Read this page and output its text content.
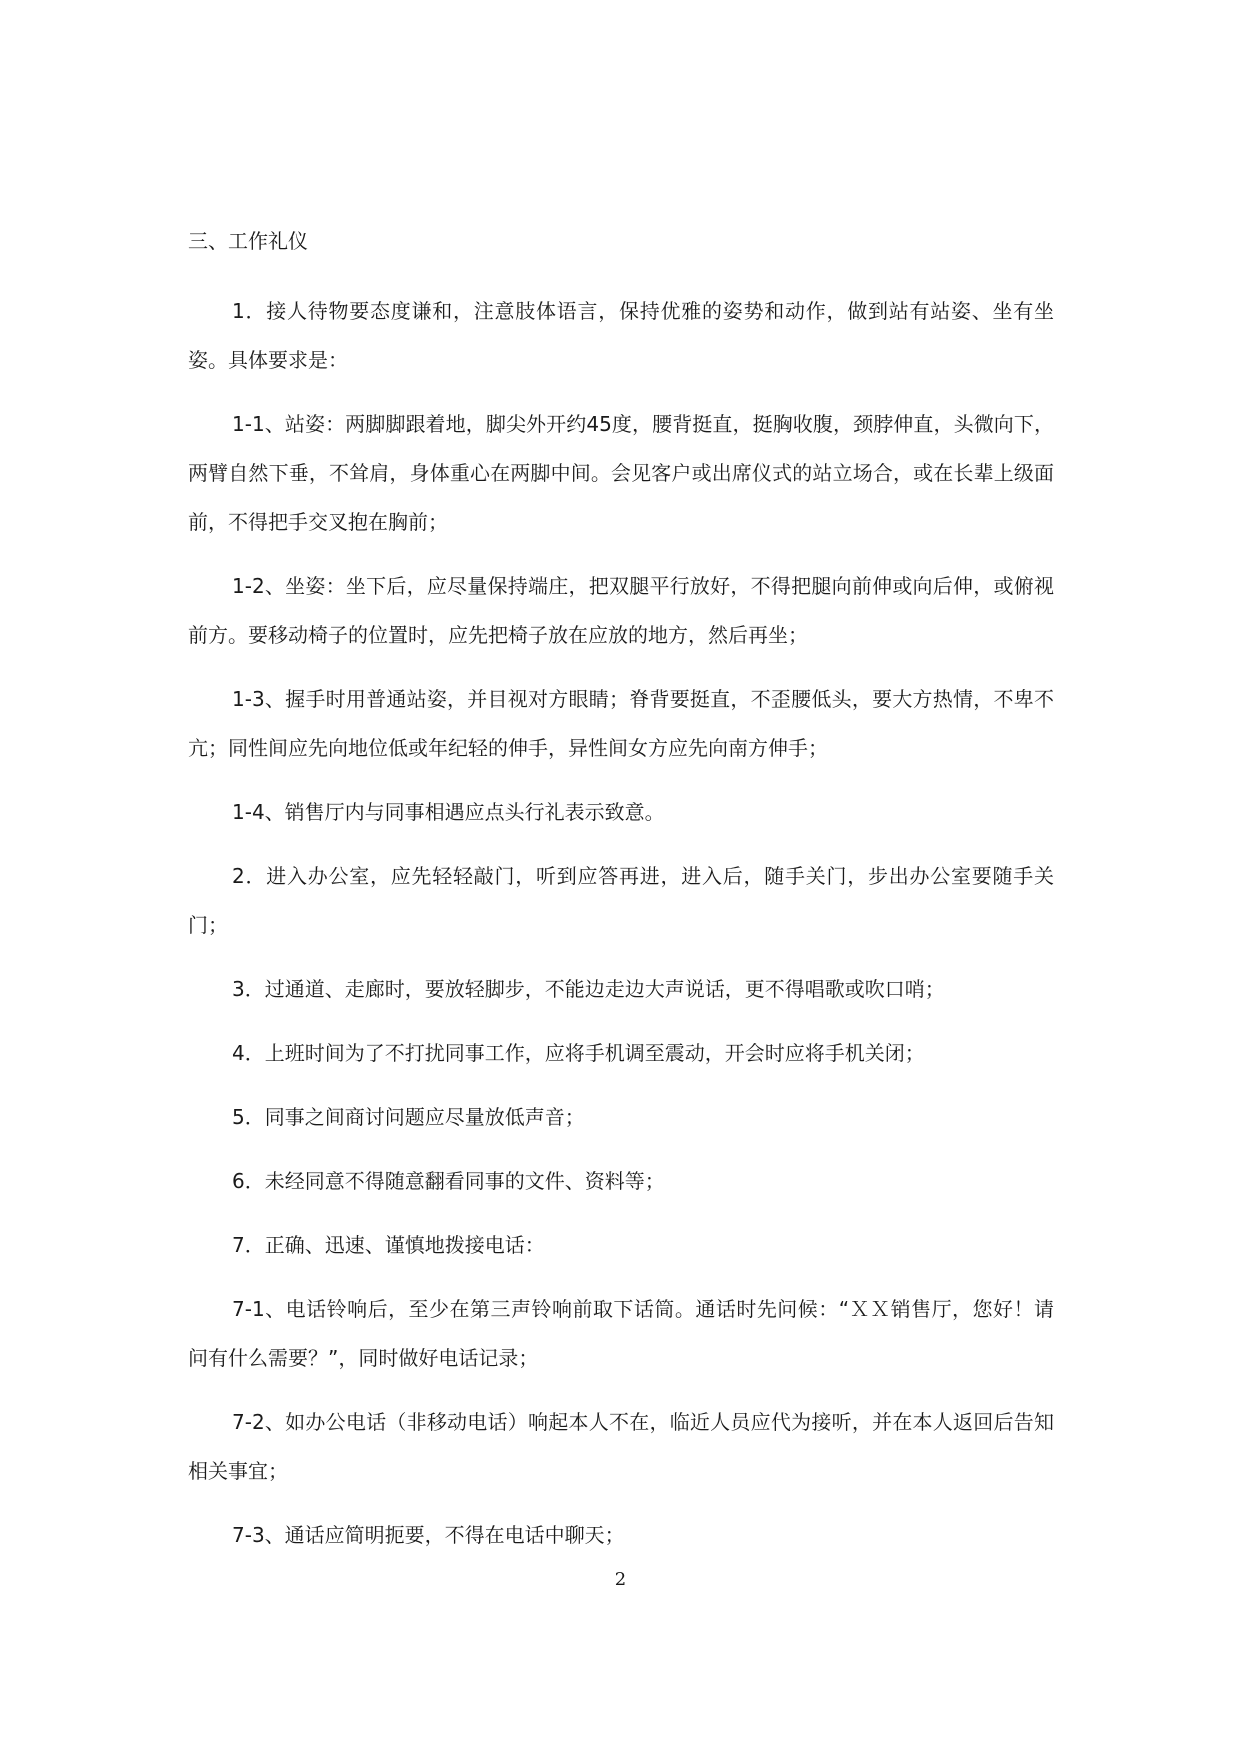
三、工作礼仪

1．接人待物要态度谦和，注意肢体语言，保持优雅的姿势和动作，做到站有站姿、坐有坐姿。具体要求是：

1-1、站姿：两脚脚跟着地，脚尖外开约45度，腰背挺直，挺胸收腹，颈脖伸直，头微向下，两臂自然下垂，不耸肩，身体重心在两脚中间。会见客户或出席仪式的站立场合，或在长辈上级面前，不得把手交叉抱在胸前；

1-2、坐姿：坐下后，应尽量保持端庄，把双腿平行放好，不得把腿向前伸或向后伸，或俯视前方。要移动椅子的位置时，应先把椅子放在应放的地方，然后再坐；

1-3、握手时用普通站姿，并目视对方眼睛；脊背要挺直，不歪腰低头，要大方热情，不卑不亢；同性间应先向地位低或年纪轻的伸手，异性间女方应先向南方伸手；

1-4、销售厅内与同事相遇应点头行礼表示致意。

2．进入办公室，应先轻轻敲门，听到应答再进，进入后，随手关门，步出办公室要随手关门；

3．过通道、走廊时，要放轻脚步，不能边走边大声说话，更不得唱歌或吹口哨；

4．上班时间为了不打扰同事工作，应将手机调至震动，开会时应将手机关闭；

5．同事之间商讨问题应尽量放低声音；

6．未经同意不得随意翻看同事的文件、资料等；

7．正确、迅速、谨慎地拨接电话：

7-1、电话铃响后，至少在第三声铃响前取下话筒。通话时先问候：“ＸＸ销售厅，您好！请问有什么需要？”，同时做好电话记录；

7-2、如办公电话（非移动电话）响起本人不在，临近人员应代为接听，并在本人返回后告知相关事宜；

7-3、通话应简明扼要，不得在电话中聊天；

2
